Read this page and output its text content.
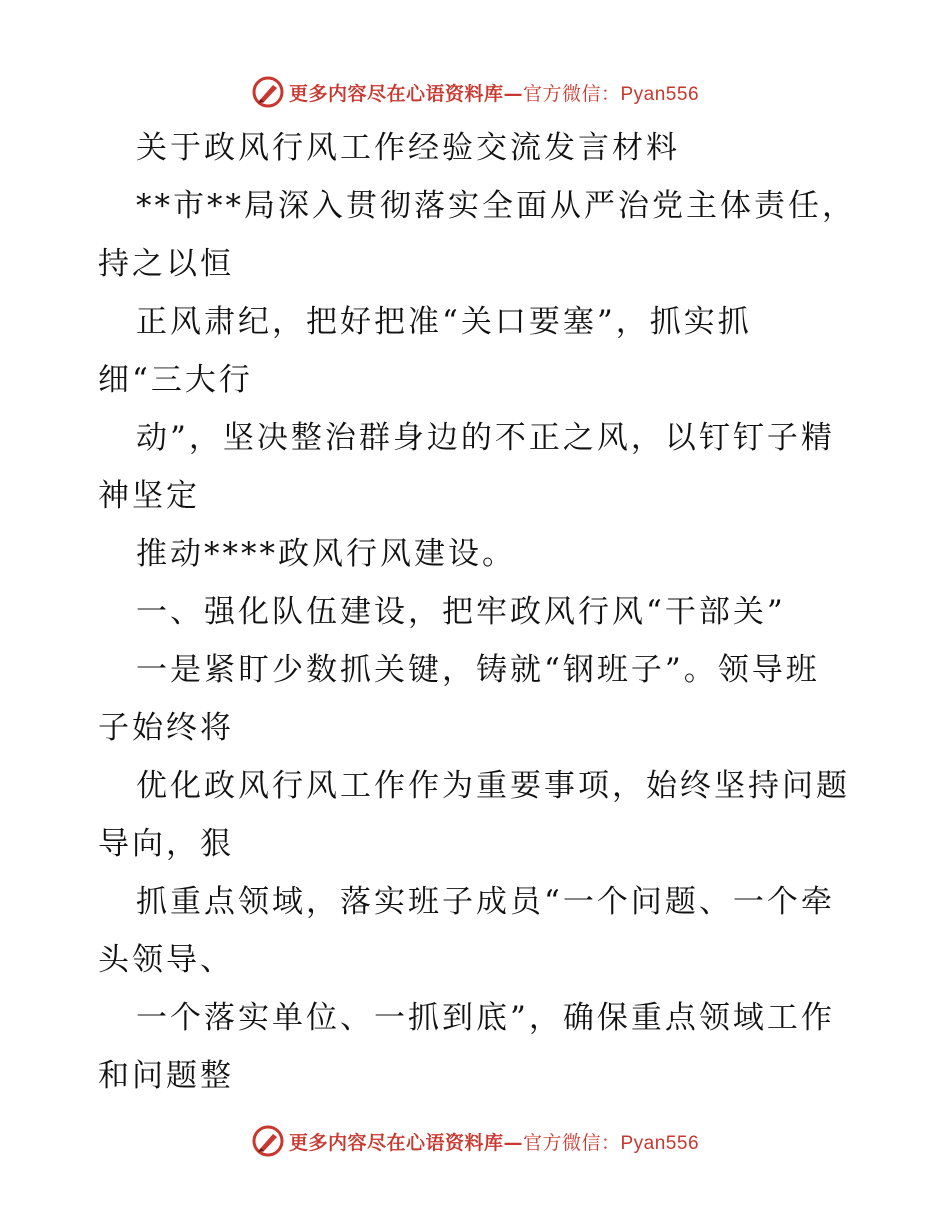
更多内容尽在心语资料库—官方微信：Pyan556
关于政风行风工作经验交流发言材料
**市**局深入贯彻落实全面从严治党主体责任，
持之以恒
正风肃纪，把好把准“关口要塞”，抓实抓
细“三大行
动”，坚决整治群身边的不正之风，以钉钉子精
神坚定
推动****政风行风建设。
一、强化队伍建设，把牢政风行风“干部关”
一是紧盯少数抓关键，铸就“钢班子”。领导班
子始终将
优化政风行风工作作为重要事项，始终坚持问题
导向，狠
抓重点领域，落实班子成员“一个问题、一个牵
头领导、
一个落实单位、一抓到底”，确保重点领域工作
和问题整
更多内容尽在心语资料库—官方微信：Pyan556
